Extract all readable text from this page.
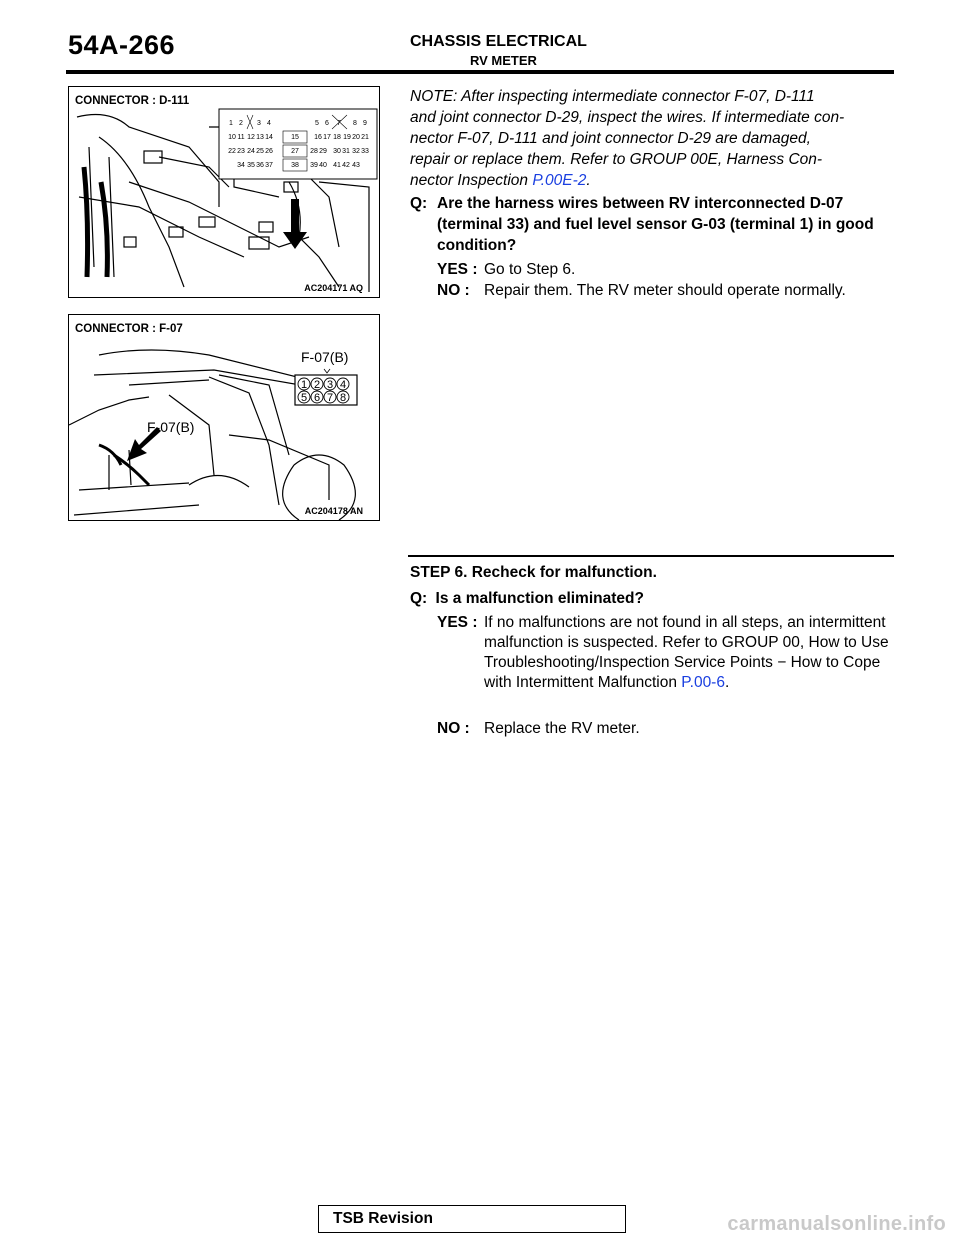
54A-266	CHASSIS ELECTRICAL
RV METER
1 2 3 4	5 6 7 8 9
10 11 12 13 14	15 16 17 18 19 20 21
22 23 24 25 26	27 28 29 30 31 32 33
34 35 36 37	38 39 40 41 42 43
CONNECTOR : D-111
AC204171 AQ
1 2 3 4
5 6 7 8
CONNECTOR : F-07
F-07(B)
F-07(B)
AC204178 AN
NOTE: After inspecting intermediate connector F-07, D-111
and joint connector D-29, inspect the wires. If intermediate con-
nector F-07, D-111 and joint connector D-29 are damaged,
repair or replace them. Refer to GROUP 00E, Harness Con-
nector Inspection P.00E-2.
Q: Are the harness wires between RV interconnected D-07 (terminal 33) and fuel level sensor G-03 (terminal 1) in good condition?
YES : Go to Step 6.
NO : Repair them. The RV meter should operate normally.
STEP 6. Recheck for malfunction.
Q: Is a malfunction eliminated?
YES : If no malfunctions are not found in all steps, an intermittent malfunction is suspected. Refer to GROUP 00, How to Use Troubleshooting/Inspection Service Points − How to Cope with Intermittent Malfunction P.00-6.
NO : Replace the RV meter.
TSB Revision	carmanualsonline.info
